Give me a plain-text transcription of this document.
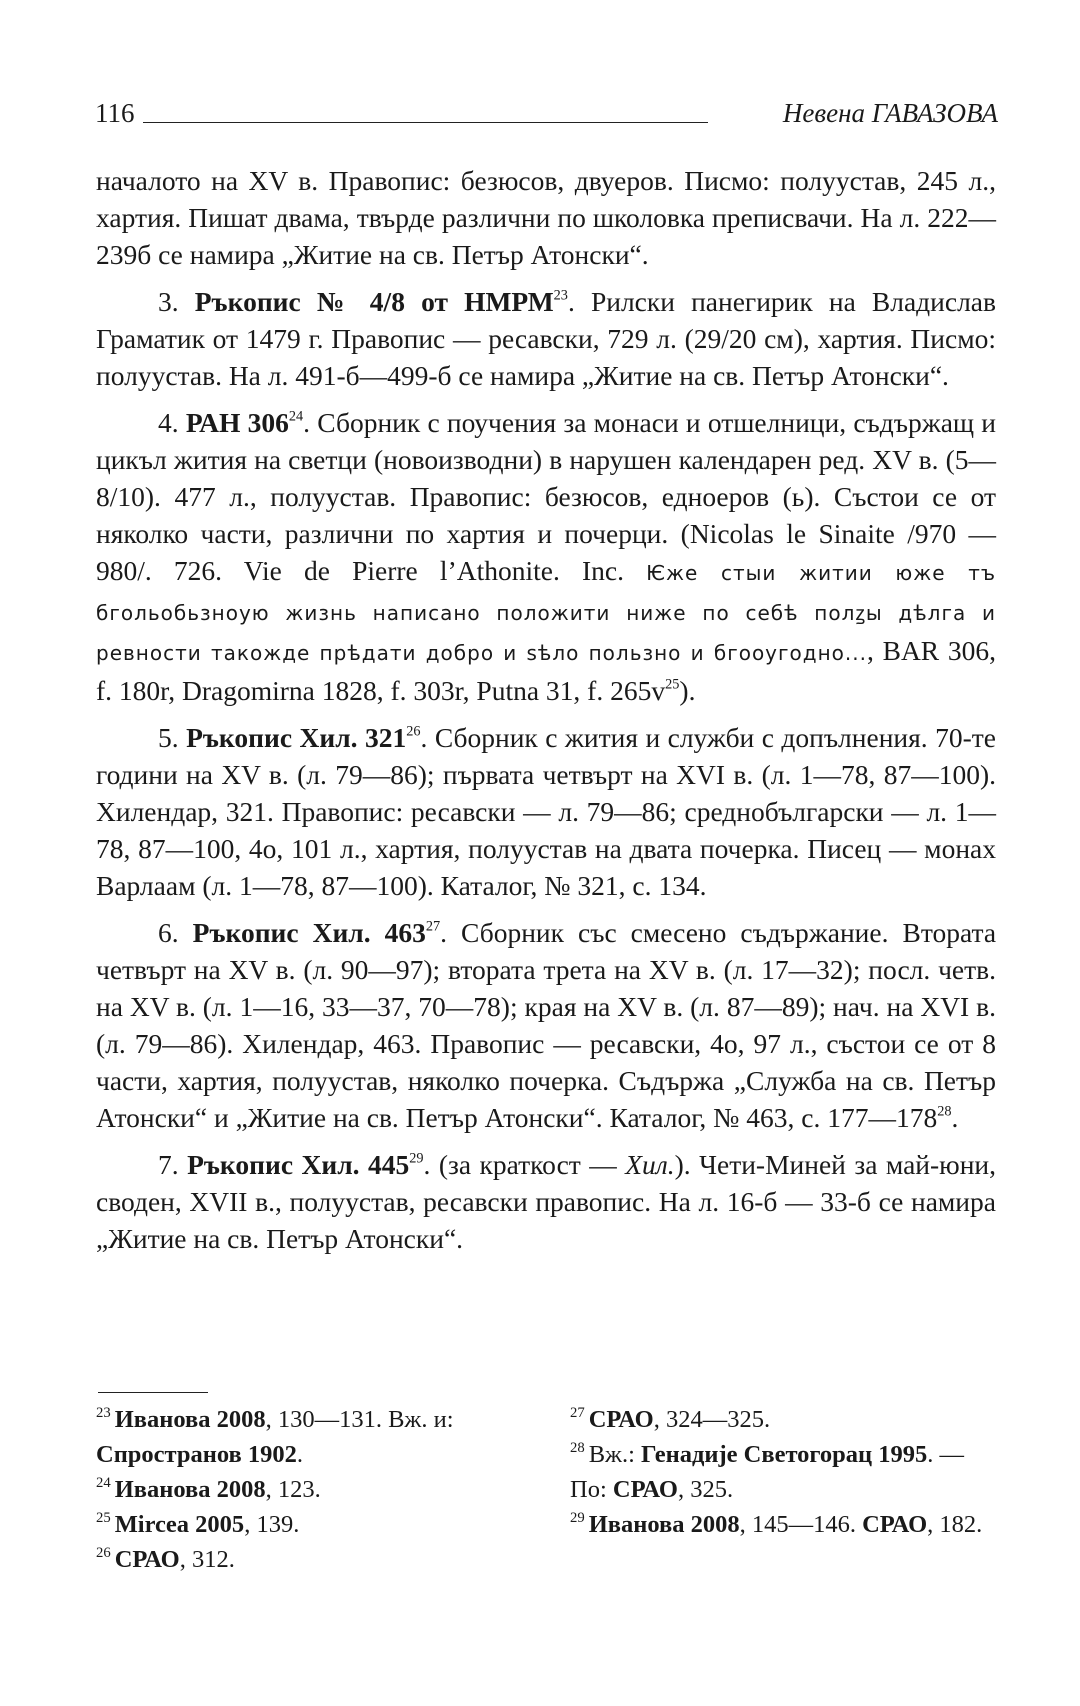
116	Невена ГАВАЗОВА

началото на XV в. Правопис: безюсов, двуеров. Писмо: полуустав, 245 л., хартия. Пишат двама, твърде различни по школовка преписвачи. На л. 222—239б се намира „Житие на св. Петър Атонски“.

3. Ръкопис № 4/8 от НМРМ$^{23}$. Рилски панегирик на Владислав Граматик от 1479 г. Правопис — ресавски, 729 л. (29/20 см), хартия. Писмо: полуустав. На л. 491-б—499-б се намира „Житие на св. Петър Атонски“.

4. РАН $306^{24}$. Сборник с поучения за монаси и отшелници, съдържащ и цикъл жития на светци (новоизводни) в нарушен календарен ред. XV в. (5—8/10). 477 л., полуустав. Правопис: безюсов, едноеров (ь). Състои се от няколко части, различни по хартия и почерци. (Nicolas le Sinaite /970 — 980/. 726. Vie de Pierre l’Athonite. Inc. Ѥже стыи житии юже тъ бгольобьзноую жизнь написано положити ниже по себѣ полꙁы дѣлга и ревности такожде прѣдати добро и ѕѣло пользно и бгооугодно..., BAR 306, f. 180r, Dragomirna 1828, f. 303r, Putna 31, f. $265v^{25}$).

5. Ръкопис Хил. $321^{26}$. Сборник с жития и служби с допълнения. 70-те години на XV в. (л. 79—86); първата четвърт на XVI в. (л. 1—78, 87—100). Хилендар, 321. Правопис: ресавски — л. 79—86; среднобългарски — л. 1—78, 87—100, 4о, 101 л., хартия, полуустав на двата почерка. Писец — монах Варлаам (л. 1—78, 87—100). Каталог, № 321, с. 134.

6. Ръкопис Хил. $463^{27}$. Сборник със смесено съдържание. Втората четвърт на XV в. (л. 90—97); втората трета на XV в. (л. 17—32); посл. четв. на XV в. (л. 1—16, 33—37, 70—78); края на XV в. (л. 87—89); нач. на XVI в. (л. 79—86). Хилендар, 463. Правопис — ресавски, 4о, 97 л., състои се от 8 части, хартия, полуустав, няколко почерка. Съдържа „Служба на св. Петър Атонски“ и „Житие на св. Петър Атонски“. Каталог, № 463, с. $177—178^{28}$.

7. Ръкопис Хил. $445^{29}$. (за краткост — Хил.). Чети-Миней за май-юни, сводeн, XVII в., полуустав, ресавски правопис. На л. 16-б — 33-б се намира „Житие на св. Петър Атонски“.

$^{23}$ Иванова 2008, 130—131. Вж. и:

Спространов 1902.

$^{24}$ Иванова 2008, 123.

$^{25}$ Mircea 2005, 139.

$^{26}$ СРАО, 312.

$^{27}$ СРАО, 324—325.

$^{28}$ Вж.: Генадије Светогорац 1995. —

По: СРАО, 325.

$^{29}$ Иванова 2008, 145—146. СРАО, 182.
